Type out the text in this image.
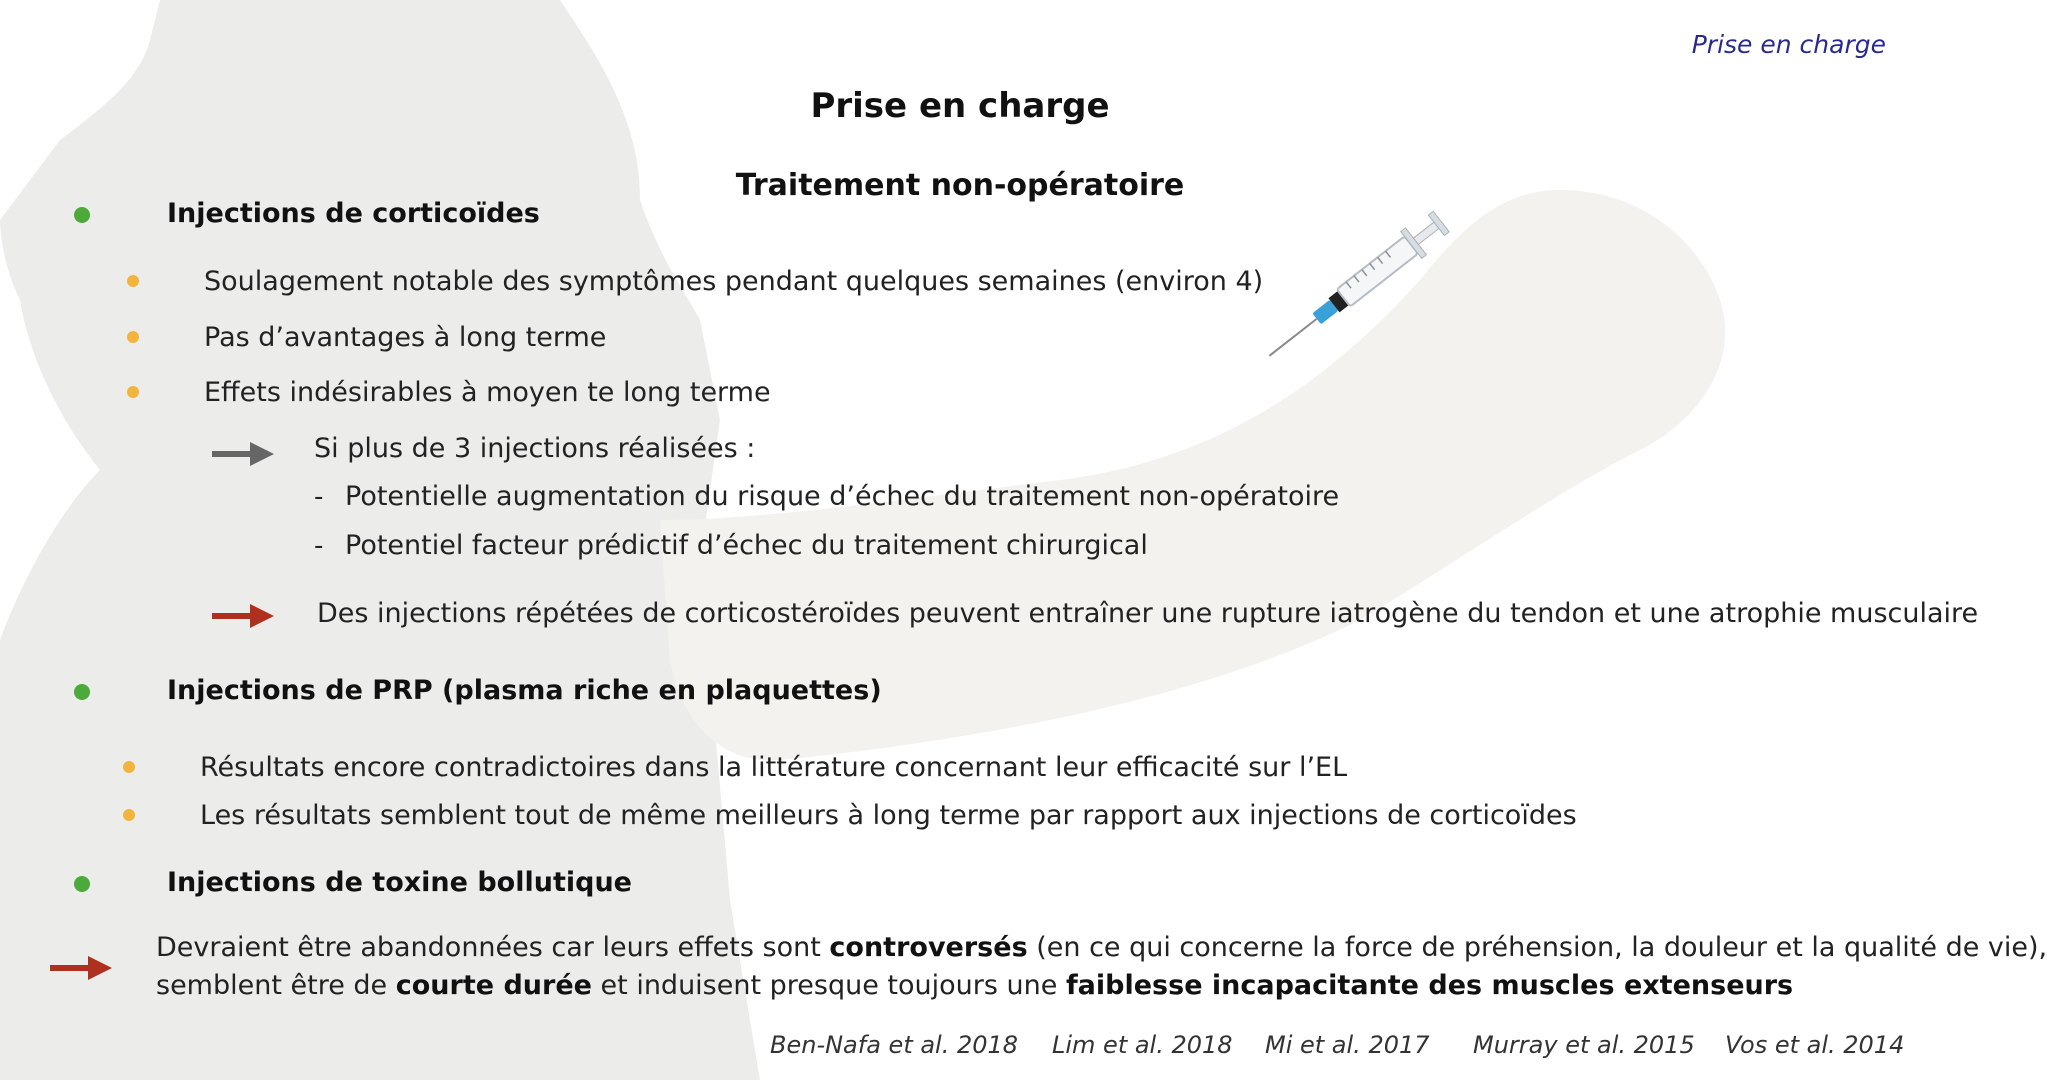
Prise en charge
Prise en charge
Traitement non-opératoire
Injections de corticoïdes
Soulagement notable des symptômes pendant quelques semaines (environ 4)
Pas d’avantages à long terme
Effets indésirables à moyen te long terme
Si plus de 3 injections réalisées :
- Potentielle augmentation du risque d’échec du traitement non-opératoire
- Potentiel facteur prédictif d’échec du traitement chirurgical
Des injections répétées de corticostéroïdes peuvent entraîner une rupture iatrogène du tendon et une atrophie musculaire
Injections de PRP (plasma riche en plaquettes)
Résultats encore contradictoires dans la littérature concernant leur efficacité sur l’EL
Les résultats semblent tout de même meilleurs à long terme par rapport aux injections de corticoïdes
Injections de toxine bollutique
Devraient être abandonnées car leurs effets sont controversés (en ce qui concerne la force de préhension, la douleur et la qualité de vie),
semblent être de courte durée et induisent presque toujours une faiblesse incapacitante des muscles extenseurs
Ben-Nafa et al. 2018 Lim et al. 2018 Mi et al. 2017 Murray et al. 2015 Vos et al. 2014
